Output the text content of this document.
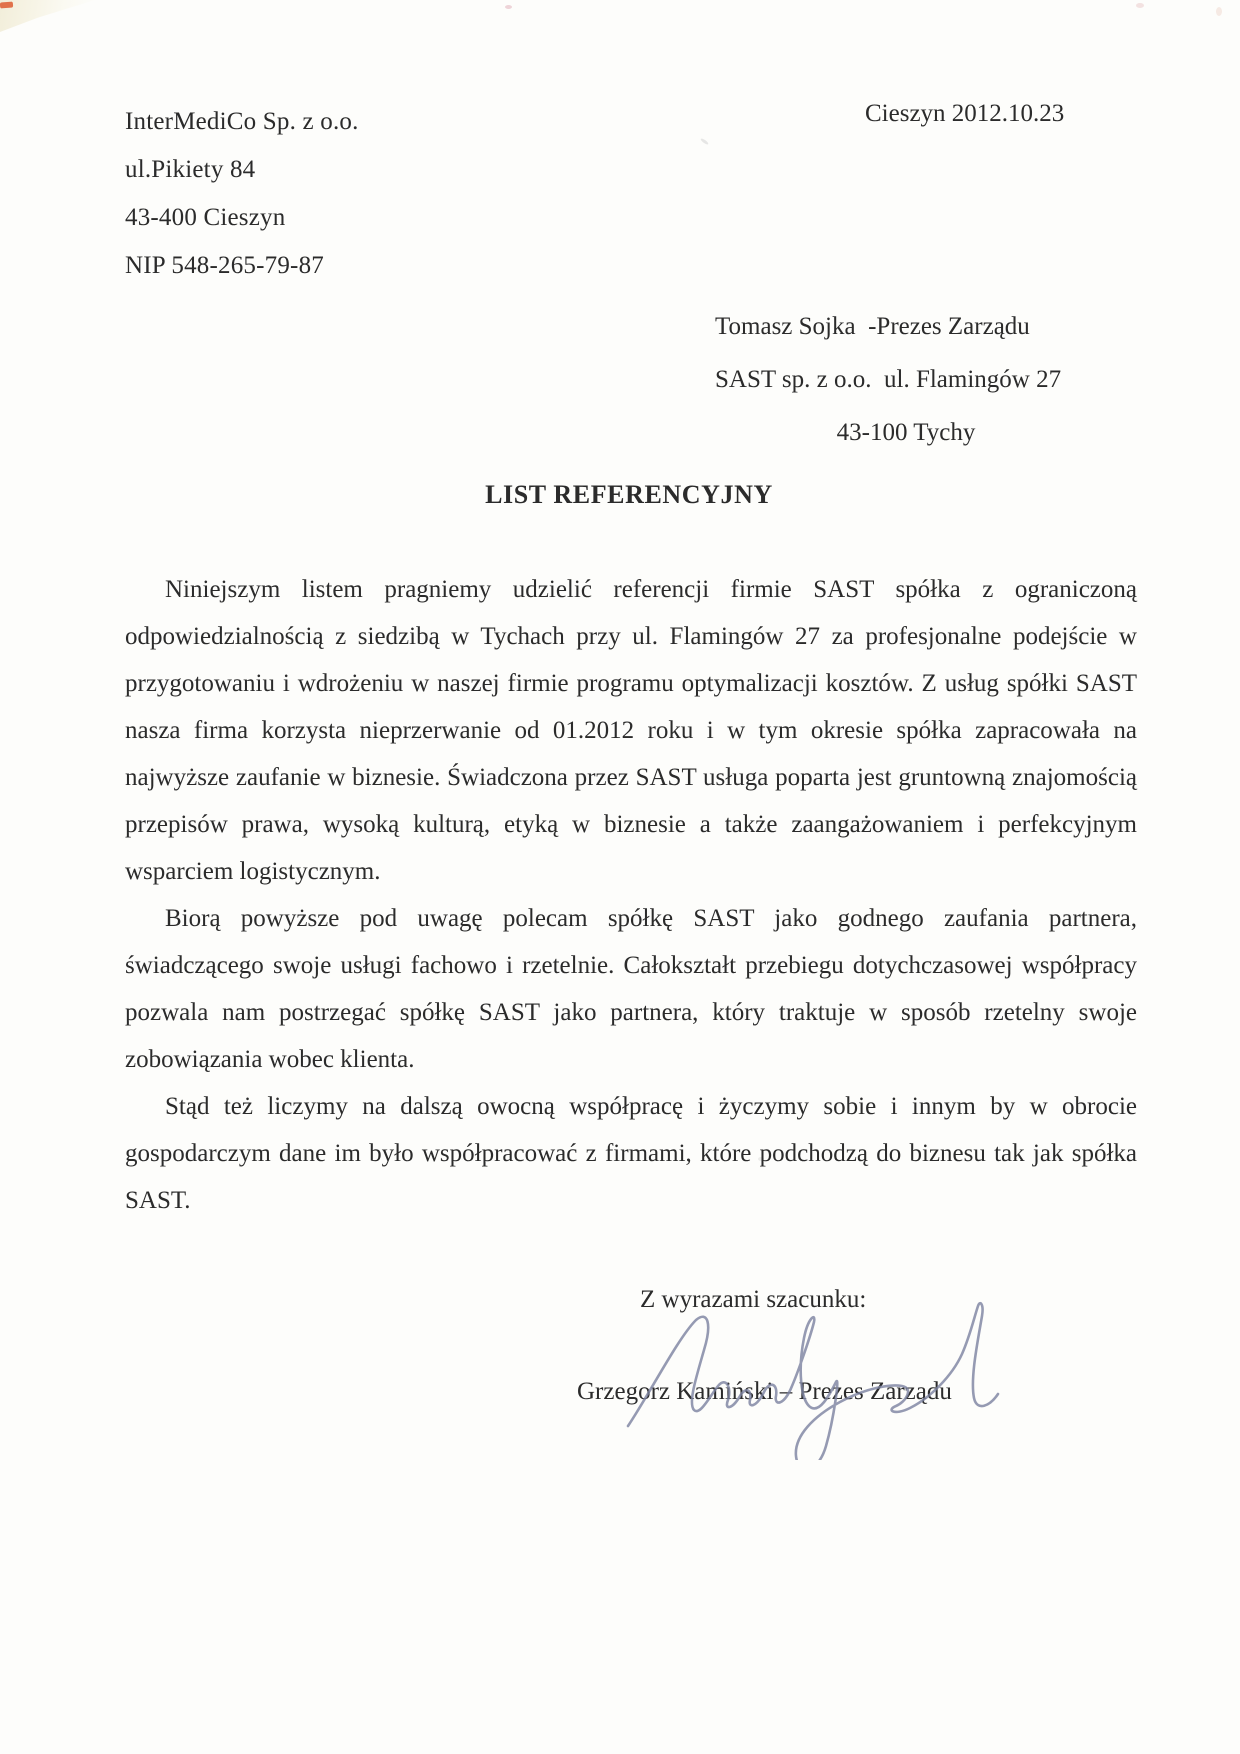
InterMediCo Sp. z o.o.
ul.Pikiety 84
43-400 Cieszyn
NIP 548-265-79-87
Cieszyn 2012.10.23
Tomasz Sojka  -Prezes Zarządu
SAST sp. z o.o.  ul. Flamingów 27
43-100 Tychy
LIST REFERENCYJNY

Niniejszym listem pragniemy udzielić referencji firmie SAST spółka z ograniczoną odpowiedzialnością z siedzibą w Tychach przy ul. Flamingów 27 za profesjonalne podejście w przygotowaniu i wdrożeniu w naszej firmie programu optymalizacji kosztów. Z usług spółki SAST nasza firma korzysta nieprzerwanie od 01.2012 roku i w tym okresie spółka zapracowała na najwyższe zaufanie w biznesie. Świadczona przez SAST usługa poparta jest gruntowną znajomością przepisów prawa, wysoką kulturą, etyką w biznesie a także zaangażowaniem i perfekcyjnym wsparciem logistycznym.

Biorą powyższe pod uwagę polecam spółkę SAST jako godnego zaufania partnera, świadczącego swoje usługi fachowo i rzetelnie. Całokształt przebiegu dotychczasowej współpracy pozwala nam postrzegać spółkę SAST jako partnera, który traktuje w sposób rzetelny swoje zobowiązania wobec klienta.

Stąd też liczymy na dalszą owocną współpracę i życzymy sobie i innym by w obrocie gospodarczym dane im było współpracować z firmami, które podchodzą do biznesu tak jak spółka SAST.

Z wyrazami szacunku:
Grzegorz Kamiński – Prezes Zarządu
